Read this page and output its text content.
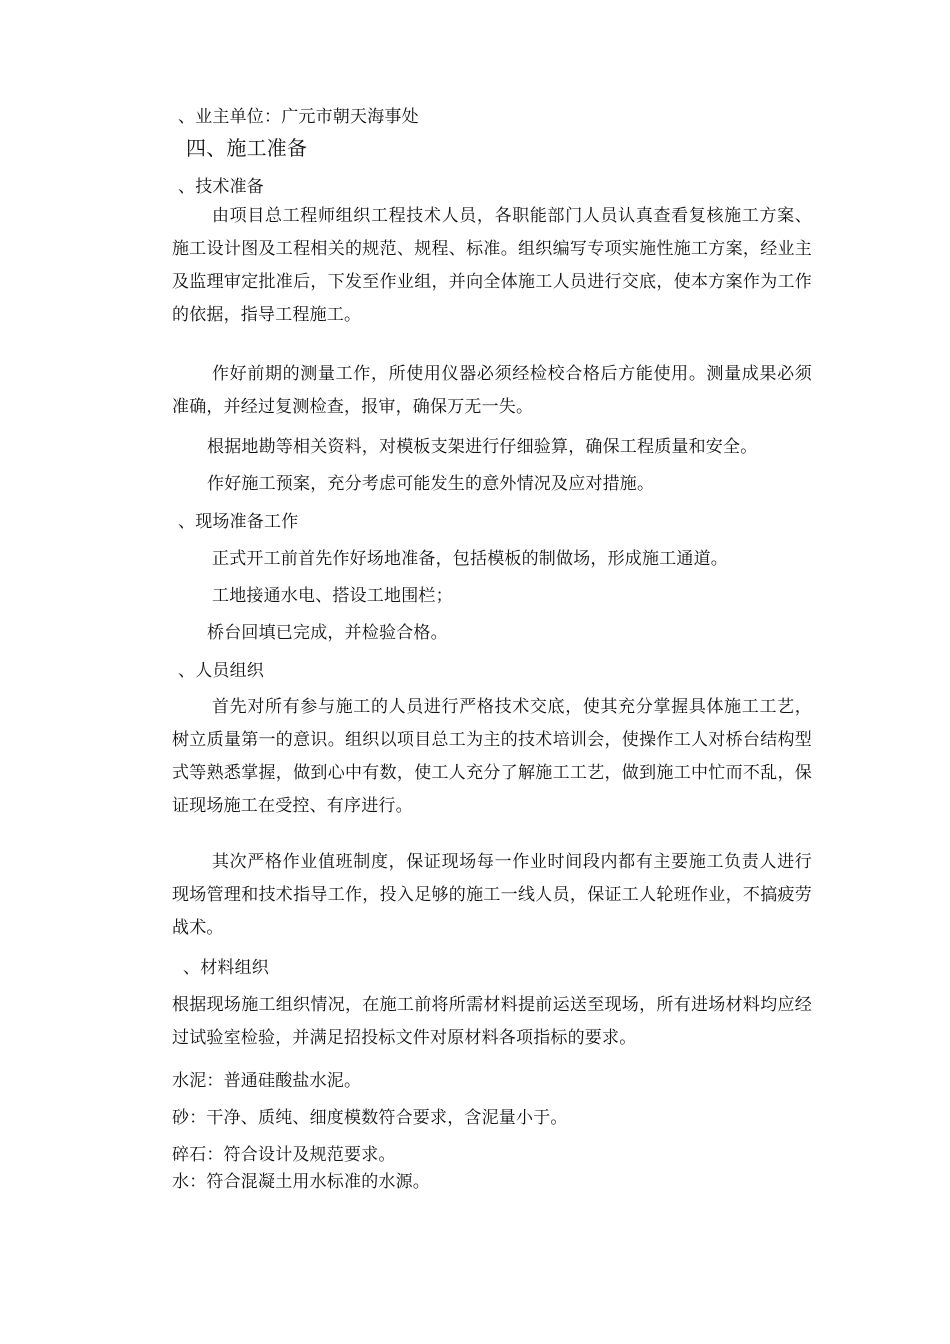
、业主单位：广元市朝天海事处
四、施工准备
、技术准备
由项目总工程师组织工程技术人员，各职能部门人员认真查看复核施工方案、施工设计图及工程相关的规范、规程、标准。组织编写专项实施性施工方案，经业主及监理审定批准后，下发至作业组，并向全体施工人员进行交底，使本方案作为工作的依据，指导工程施工。
作好前期的测量工作，所使用仪器必须经检校合格后方能使用。测量成果必须准确，并经过复测检查，报审，确保万无一失。
根据地勘等相关资料，对模板支架进行仔细验算，确保工程质量和安全。
作好施工预案，充分考虑可能发生的意外情况及应对措施。
、现场准备工作
正式开工前首先作好场地准备，包括模板的制做场，形成施工通道。
工地接通水电、搭设工地围栏；
桥台回填已完成，并检验合格。
、人员组织
首先对所有参与施工的人员进行严格技术交底，使其充分掌握具体施工工艺，树立质量第一的意识。组织以项目总工为主的技术培训会，使操作工人对桥台结构型式等熟悉掌握，做到心中有数，使工人充分了解施工工艺，做到施工中忙而不乱，保证现场施工在受控、有序进行。
其次严格作业值班制度，保证现场每一作业时间段内都有主要施工负责人进行现场管理和技术指导工作，投入足够的施工一线人员，保证工人轮班作业，不搞疲劳战术。
、材料组织
根据现场施工组织情况，在施工前将所需材料提前运送至现场，所有进场材料均应经过试验室检验，并满足招投标文件对原材料各项指标的要求。
水泥：普通硅酸盐水泥。
砂：干净、质纯、细度模数符合要求，含泥量小于。
碎石：符合设计及规范要求。
水：符合混凝土用水标准的水源。
